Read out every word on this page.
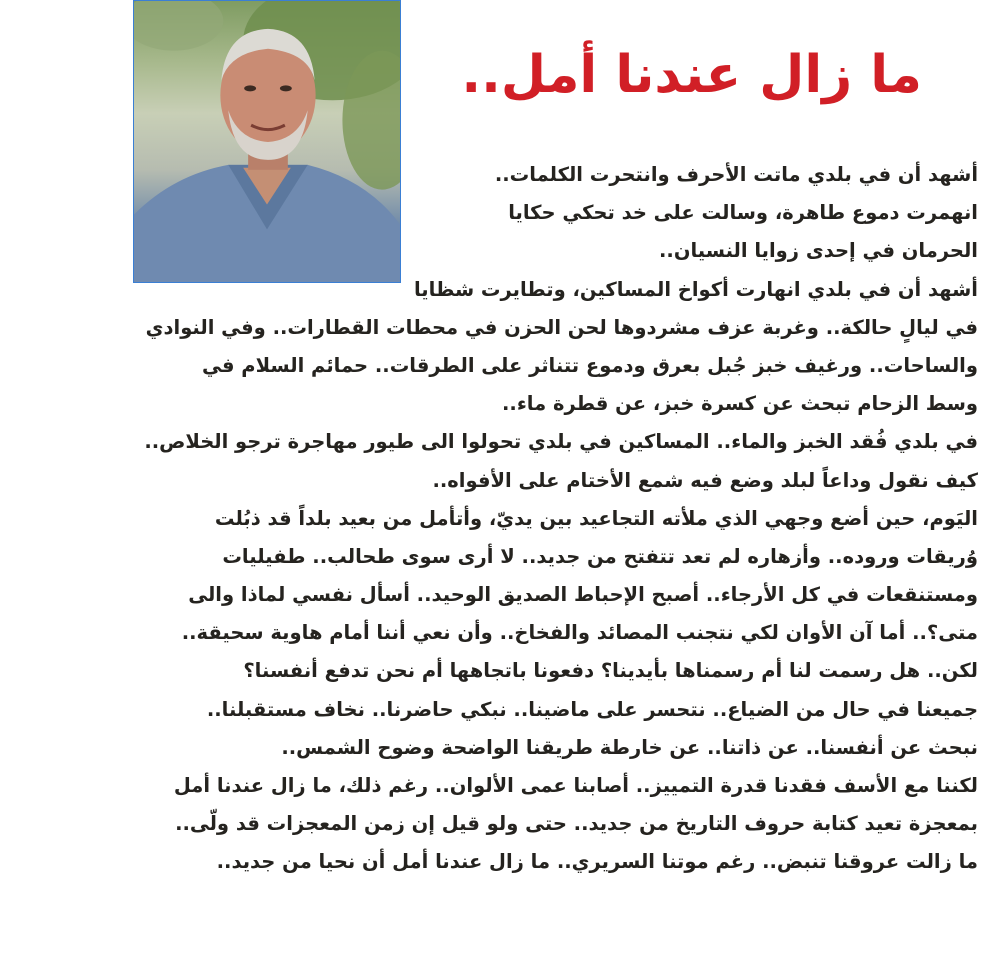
ما زال عندنا أمل..
أشهد أن في بلدي ماتت الأحرف وانتحرت الكلمات..
انهمرت دموع طاهرة، وسالت على خد تحكي حكايا
الحرمان في إحدى زوايا النسيان..
أشهد أن في بلدي انهارت أكواخ المساكين، وتطايرت شظايا
في ليالٍ حالكة.. وغربة عزف مشردوها لحن الحزن في محطات القطارات.. وفي النوادي
والساحات.. ورغيف خبز جُبل بعرق ودموع تتناثر على الطرقات.. حمائم السلام في
وسط الزحام تبحث عن كسرة خبز، عن قطرة ماء..
في بلدي فُقد الخبز والماء.. المساكين في بلدي تحولوا الى طيور مهاجرة ترجو الخلاص..
كيف نقول وداعاً لبلد وضع فيه شمع الأختام على الأفواه..
اليَوم، حين أضع وجهي الذي ملأته التجاعيد بين يديّ، وأتأمل من بعيد بلداً قد ذبُلت
وُريقات وروده.. وأزهاره لم تعد تتفتح من جديد.. لا أرى سوى طحالب.. طفيليات
ومستنقعات في كل الأرجاء.. أصبح الإحباط الصديق الوحيد.. أسأل نفسي لماذا والى
متى؟.. أما آن الأوان لكي نتجنب المصائد والفخاخ.. وأن نعي أننا أمام هاوية سحيقة..
لكن.. هل رسمت لنا أم رسمناها بأيدينا؟ دفعونا باتجاهها أم نحن تدفع أنفسنا؟
جميعنا في حال من الضياع.. نتحسر على ماضينا.. نبكي حاضرنا.. نخاف مستقبلنا..
نبحث عن أنفسنا.. عن ذاتنا.. عن خارطة طريقنا الواضحة وضوح الشمس..
لكننا مع الأسف فقدنا قدرة التمييز.. أصابنا عمى الألوان.. رغم ذلك، ما زال عندنا أمل
بمعجزة تعيد كتابة حروف التاريخ من جديد.. حتى ولو قيل إن زمن المعجزات قد ولّى..
ما زالت عروقنا تنبض.. رغم موتنا السريري.. ما زال عندنا أمل أن نحيا من جديد..
